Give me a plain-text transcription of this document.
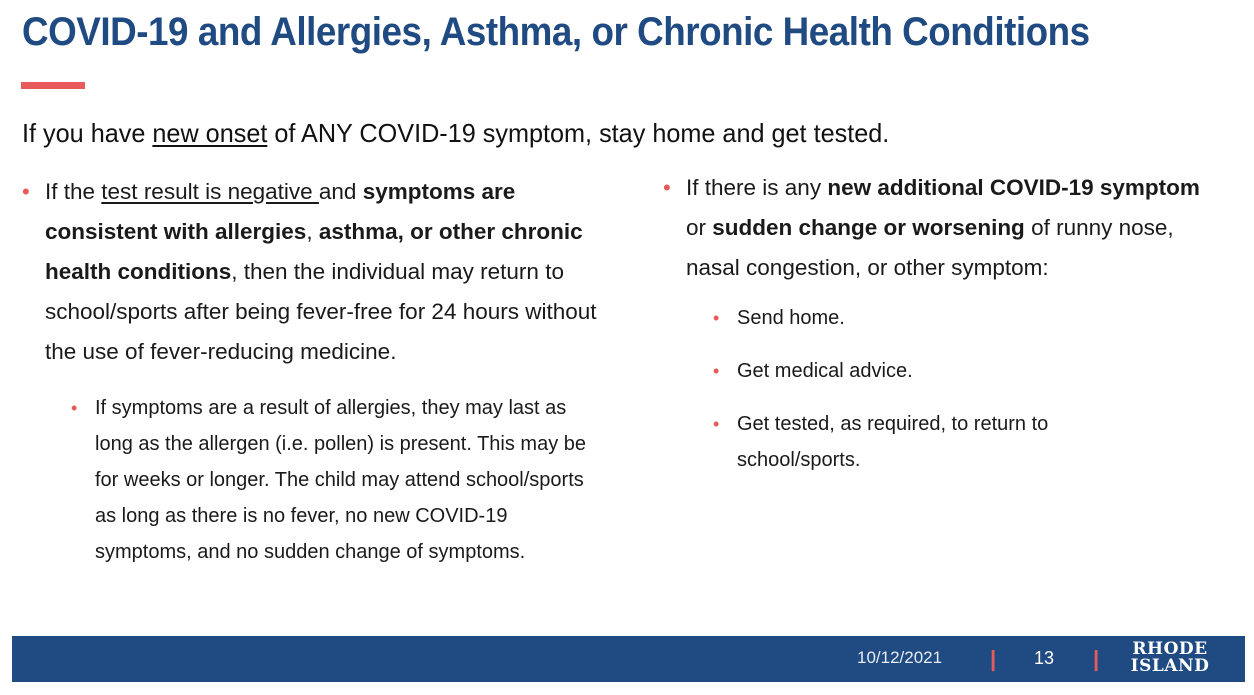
COVID-19 and Allergies, Asthma, or Chronic Health Conditions

If you have new onset of ANY COVID-19 symptom, stay home and get tested.

• If the test result is negative and symptoms are consistent with allergies, asthma, or other chronic health conditions, then the individual may return to school/sports after being fever-free for 24 hours without the use of fever-reducing medicine.
• If symptoms are a result of allergies, they may last as long as the allergen (i.e. pollen) is present. This may be for weeks or longer. The child may attend school/sports as long as there is no fever, no new COVID-19 symptoms, and no sudden change of symptoms.
• If there is any new additional COVID-19 symptom or sudden change or worsening of runny nose, nasal congestion, or other symptom:
• Send home.
• Get medical advice.
• Get tested, as required, to return to school/sports.
10/12/2021 | 13 | RHODE
ISLAND
